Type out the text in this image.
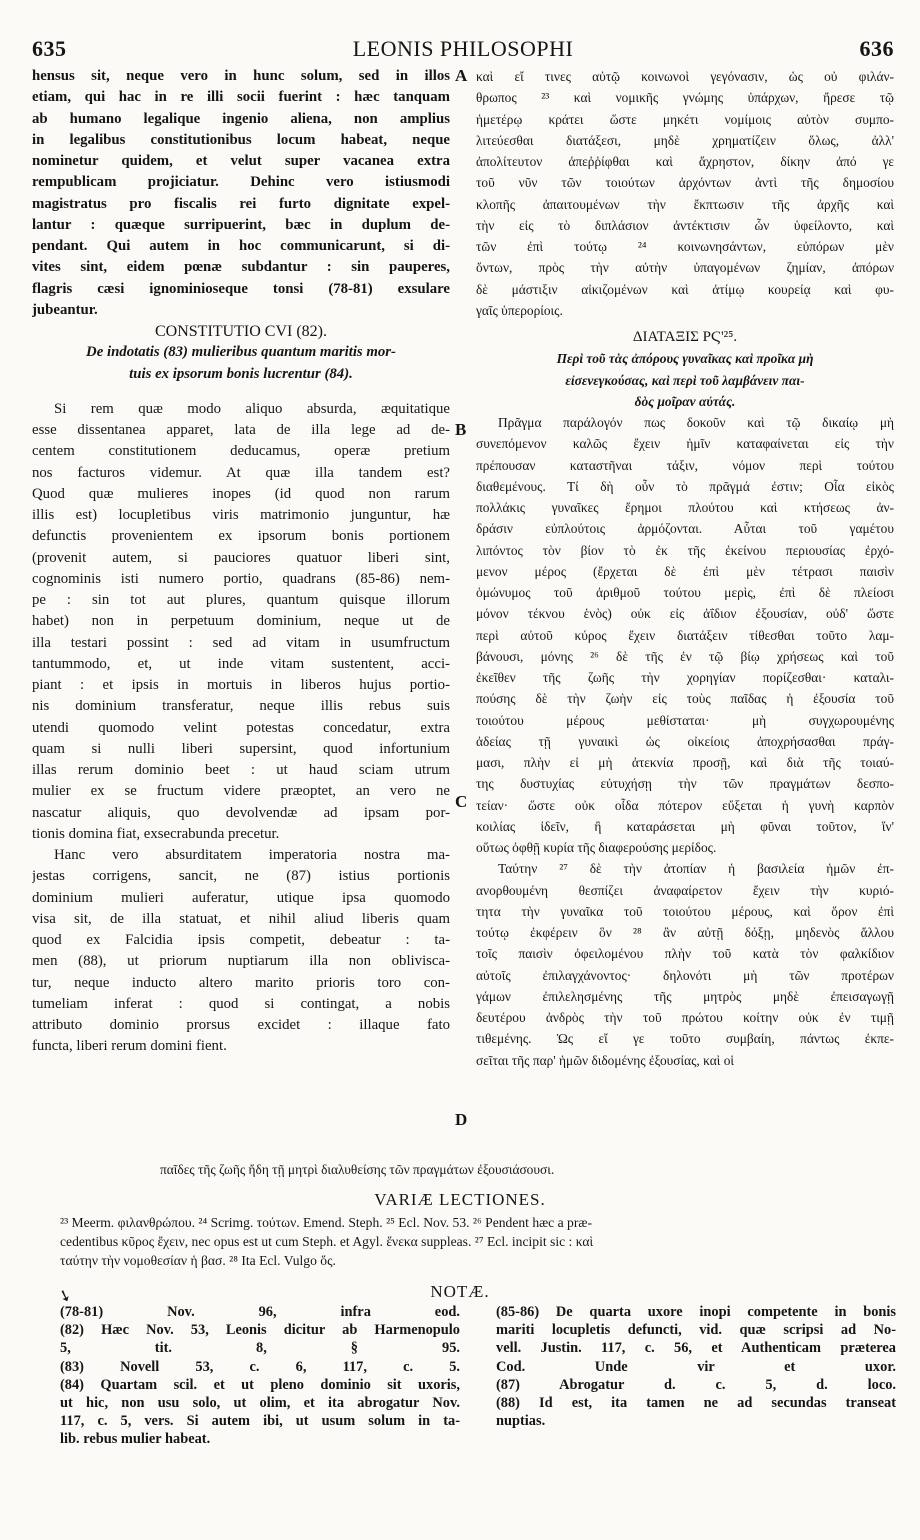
635	LEONIS PHILOSOPHI	636
hensus sit, neque vero in hunc solum, sed in illos
etiam, qui hac in re illi socii fuerint : hæc tanquam
ab humano legalique ingenio aliena, non amplius
in legalibus constitutionibus locum habeat, neque
nominetur quidem, et velut super vacanea extra
rempublicam projiciatur. Dehinc vero istiusmodi
magistratus pro fiscalis rei furto dignitate expel-
lantur : quæque surripuerint, bæc in duplum de-
pendant. Qui autem in hoc communicarunt, si di-
vites sint, eidem pœnæ subdantur : sin pauperes,
flagris cæsi ignominioseque tonsi (78-81) exsulare
jubeantur.
CONSTITUTIO CVI (82).
De indotatis (83) mulieribus quantum maritis mor-
tuis ex ipsorum bonis lucrentur (84).
Si rem quæ modo aliquo absurda, æquitatique
esse dissentanea apparet, lata de illa lege ad de-
centem constitutionem deducamus, operæ pretium
nos facturos videmur. At quæ illa tandem est?
Quod quæ mulieres inopes (id quod non rarum
illis est) locupletibus viris matrimonio junguntur, hæ
defunctis provenientem ex ipsorum bonis portionem
(provenit autem, si pauciores quatuor liberi sint,
cognominis isti numero portio, quadrans (85-86) nem-
pe : sin tot aut plures, quantum quisque illorum
habet) non in perpetuum dominium, neque ut de
illa testari possint : sed ad vitam in usumfructum
tantummodo, et, ut inde vitam sustentent, acci-
piant : et ipsis in mortuis in liberos hujus portio-
nis dominium transferatur, neque illis rebus suis
utendi quomodo velint potestas concedatur, extra
quam si nulli liberi supersint, quod infortunium
illas rerum dominio beet : ut haud sciam utrum
mulier ex se fructum videre præoptet, an vero ne
nascatur aliquis, quo devolvendæ ad ipsam por-
tionis domina fiat, exsecrabunda precetur.
Hanc vero absurditatem imperatoria nostra ma-
jestas corrigens, sancit, ne (87) istius portionis
dominium mulieri auferatur, utique ipsa quomodo
visa sit, de illa statuat, et nihil aliud liberis quam
quod ex Falcidia ipsis competit, debeatur : ta-
men (88), ut priorum nuptiarum illa non oblivisca-
tur, neque inducto altero marito prioris toro con-
tumeliam inferat : quod si contingat, a nobis
attributo dominio prorsus excidet : illaque fato
functa, liberi rerum domini fient.
καὶ εἴ τινες αὐτῷ κοινωνοὶ γεγόνασιν, ὡς οὐ φιλάν-
θρωπος ²³ καὶ νομικῆς γνώμης ὑπάρχων, ἤρεσε τῷ
ἡμετέρῳ κράτει ὥστε μηκέτι νομίμοις αὐτὸν συμπο-
λιτεύεσθαι διατάξεσι, μηδὲ χρηματίζειν ὅλως, ἀλλ'
ἀπολίτευτον ἀπεῤῥίφθαι καὶ ἄχρηστον, δίκην ἀπό γε
τοῦ νῦν τῶν τοιούτων ἀρχόντων ἀντὶ τῆς δημοσίου
κλοπῆς ἀπαιτουμένων τὴν ἔκπτωσιν τῆς ἀρχῆς καὶ
τὴν εἰς τὸ διπλάσιον ἀντέκτισιν ὧν ὑφείλοντο, καὶ
τῶν ἐπὶ τούτῳ ²⁴ κοινωνησάντων, εὐπόρων μὲν
ὄντων, πρὸς τὴν αὐτὴν ὑπαγομένων ζημίαν, ἀπόρων
δὲ μάστιξιν αἰκιζομένων καὶ ἀτίμῳ κουρείᾳ καὶ φυ-
γαῖς ὑπερορίοις.
ΔΙΑΤΑΞΙΣ ΡϚ'²⁵.
Περὶ τοῦ τὰς ἀπόρους γυναῖκας καὶ προῖκα μὴ
εἰσενεγκούσας, καὶ περὶ τοῦ λαμβάνειν παι-
δὸς μοῖραν αὐτάς.
Πρᾶγμα παράλογόν πως δοκοῦν καὶ τῷ δικαίῳ μὴ
συνεπόμενον καλῶς ἔχειν ἡμῖν καταφαίνεται εἰς τὴν
πρέπουσαν καταστῆναι τάξιν, νόμον περὶ τούτου
διαθεμένους. Τί δὴ οὖν τὸ πρᾶγμά ἐστιν; Οἷα εἰκὸς
πολλάκις γυναῖκες ἔρημοι πλούτου καὶ κτήσεως ἀν-
δράσιν εὐπλούτοις ἁρμόζονται. Αὗται τοῦ γαμέτου
λιπόντος τὸν βίον τὸ ἐκ τῆς ἐκείνου περιουσίας ἐρχό-
μενον μέρος (ἔρχεται δὲ ἐπὶ μὲν τέτρασι παισὶν
ὁμώνυμος τοῦ ἀριθμοῦ τούτου μερὶς, ἐπὶ δὲ πλείοσι
μόνον τέκνου ἑνὸς) οὐκ εἰς ἀΐδιον ἐξουσίαν, οὐδ' ὥστε
περὶ αὐτοῦ κύρος ἔχειν διατάξειν τίθεσθαι τοῦτο λαμ-
βάνουσι, μόνης ²⁶ δὲ τῆς ἐν τῷ βίῳ χρήσεως καὶ τοῦ
ἐκεῖθεν τῆς ζωῆς τὴν χορηγίαν πορίζεσθαι· καταλι-
πούσης δὲ τὴν ζωὴν εἰς τοὺς παῖδας ἡ ἐξουσία τοῦ
τοιούτου μέρους μεθίσταται· μὴ συγχωρουμένης
ἀδείας τῇ γυναικὶ ὡς οἰκείοις ἀποχρήσασθαι πράγ-
μασι, πλὴν εἰ μὴ ἀτεκνία προσῇ, καὶ διὰ τῆς τοιαύ-
της δυστυχίας εὐτυχήσῃ τὴν τῶν πραγμάτων δεσπο-
τείαν· ὥστε οὐκ οἶδα πότερον εὔξεται ἡ γυνὴ καρπὸν
κοιλίας ἰδεῖν, ἢ καταράσεται μὴ φῦναι τοῦτον, ἵν'
οὕτως ὀφθῇ κυρία τῆς διαφερούσης μερίδος.
Ταύτην ²⁷ δὲ τὴν ἀτοπίαν ἡ βασιλεία ἡμῶν ἐπ-
ανορθουμένη θεσπίζει ἀναφαίρετον ἔχειν τὴν κυριό-
τητα τὴν γυναῖκα τοῦ τοιούτου μέρους, καὶ ὅρον ἐπὶ
τούτῳ ἐκφέρειν ὃν ²⁸ ἂν αὐτῇ δόξῃ, μηδενὸς ἄλλου
τοῖς παισὶν ὀφειλομένου πλὴν τοῦ κατὰ τὸν φαλκίδιον
αὐτοῖς ἐπιλαγχάνοντος· δηλονότι μὴ τῶν προτέρων
γάμων ἐπιλελησμένης τῆς μητρὸς μηδὲ ἐπεισαγωγῇ
δευτέρου ἀνδρὸς τὴν τοῦ πρώτου κοίτην οὐκ ἐν τιμῇ
τιθεμένης. Ὡς εἴ γε τοῦτο συμβαίη, πάντως ἐκπε-
σεῖται τῆς παρ' ἡμῶν διδομένης ἐξουσίας, καὶ οἱ
A
B
C
D
παῖδες τῆς ζωῆς ἤδη τῇ μητρὶ διαλυθείσης τῶν πραγμάτων ἐξουσιάσουσι.
VARIÆ LECTIONES.
²³ Meerm. φιλανθρώπου. ²⁴ Scrimg. τούτων. Emend. Steph. ²⁵ Ecl. Nov. 53. ²⁶ Pendent hæc a præ-
cedentibus κῦρος ἔχειν, nec opus est ut cum Steph. et Agyl. ἕνεκα suppleas. ²⁷ Ecl. incipit sic : καὶ
ταύτην τὴν νομοθεσίαν ἡ βασ. ²⁸ Ita Ecl. Vulgo ὅς.
➘	NOTÆ.
(78-81) Nov. 96, infra eod.
(82) Hæc Nov. 53, Leonis dicitur ab Harmenopulo
5, tit. 8, § 95.
(83) Novell 53, c. 6, 117, c. 5.
(84) Quartam scil. et ut pleno dominio sit uxoris,
ut hic, non usu solo, ut olim, et ita abrogatur Nov.
117, c. 5, vers. Si autem ibi, ut usum solum in ta-
lib. rebus mulier habeat.
(85-86) De quarta uxore inopi competente in bonis
mariti locupletis defuncti, vid. quæ scripsi ad No-
vell. Justin. 117, c. 56, et Authenticam præterea
Cod. Unde vir et uxor.
(87) Abrogatur d. c. 5, d. loco.
(88) Id est, ita tamen ne ad secundas transeat
nuptias.
